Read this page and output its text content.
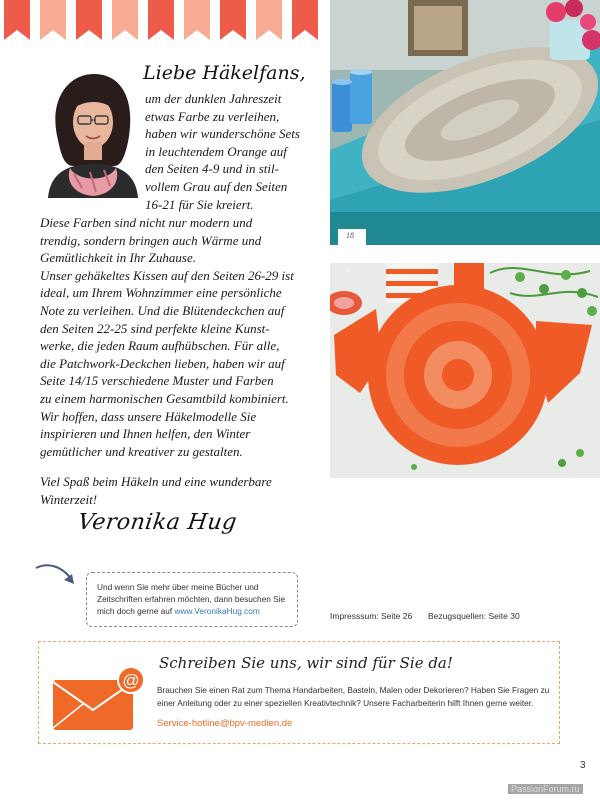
Liebe Häkelfans,
um der dunklen Jahreszeit
etwas Farbe zu verleihen,
haben wir wunderschöne Sets
in leuchtendem Orange auf
den Seiten 4-9 und in stil-
vollem Grau auf den Seiten
16-21 für Sie kreiert.
Diese Farben sind nicht nur modern und
trendig, sondern bringen auch Wärme und
Gemütlichkeit in Ihr Zuhause.
Unser gehäkeltes Kissen auf den Seiten 26-29 ist
ideal, um Ihrem Wohnzimmer eine persönliche
Note zu verleihen. Und die Blütendeckchen auf
den Seiten 22-25 sind perfekte kleine Kunst-
werke, die jeden Raum aufhübschen. Für alle,
die Patchwork-Deckchen lieben, haben wir auf
Seite 14/15 verschiedene Muster und Farben
zu einem harmonischen Gesamtbild kombiniert.
Wir hoffen, dass unsere Häkelmodelle Sie
inspirieren und Ihnen helfen, den Winter
gemütlicher und kreativer zu gestalten.
Viel Spaß beim Häkeln und eine wunderbare
Winterzeit!
Veronika Hug
Und wenn Sie mehr über meine Bücher und
Zeitschriften erfahren möchten, dann besuchen Sie
mich doch gerne auf www.VeronikaHug.com
18
9
Impresssum: Seite 26 Bezugsquellen: Seite 30
@
Schreiben Sie uns, wir sind für Sie da!
Brauchen Sie einen Rat zum Thema Handarbeiten, Basteln, Malen oder Dekorieren? Haben Sie Fragen zu einer Anleitung oder zu einer speziellen Kreativtechnik? Unsere Facharbeiterin hilft Ihnen gerne weiter.
Service-hotline@bpv-medien.de
3
PassionForum.ru
